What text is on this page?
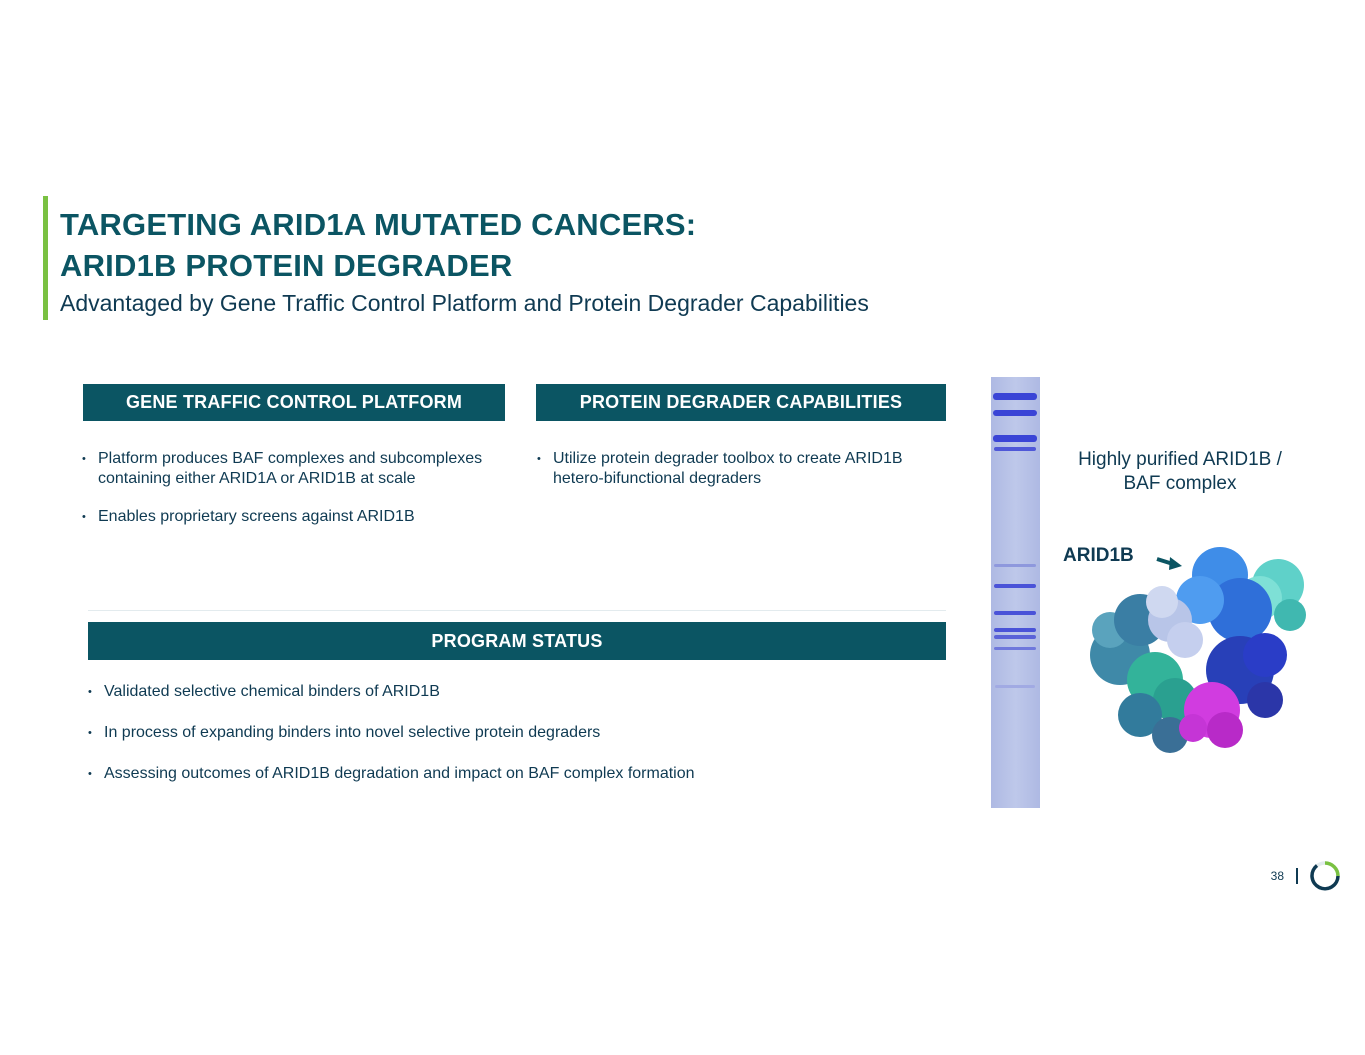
TARGETING ARID1A MUTATED CANCERS:
ARID1B PROTEIN DEGRADER

Advantaged by Gene Traffic Control Platform and Protein Degrader Capabilities

GENE TRAFFIC CONTROL PLATFORM
• Platform produces BAF complexes and subcomplexes containing either ARID1A or ARID1B at scale
• Enables proprietary screens against ARID1B
PROTEIN DEGRADER CAPABILITIES
• Utilize protein degrader toolbox to create ARID1B hetero-bifunctional degraders
PROGRAM STATUS
• Validated selective chemical binders of ARID1B
• In process of expanding binders into novel selective protein degraders
• Assessing outcomes of ARID1B degradation and impact on BAF complex formation

Highly purified ARID1B / BAF complex

ARID1B
38
